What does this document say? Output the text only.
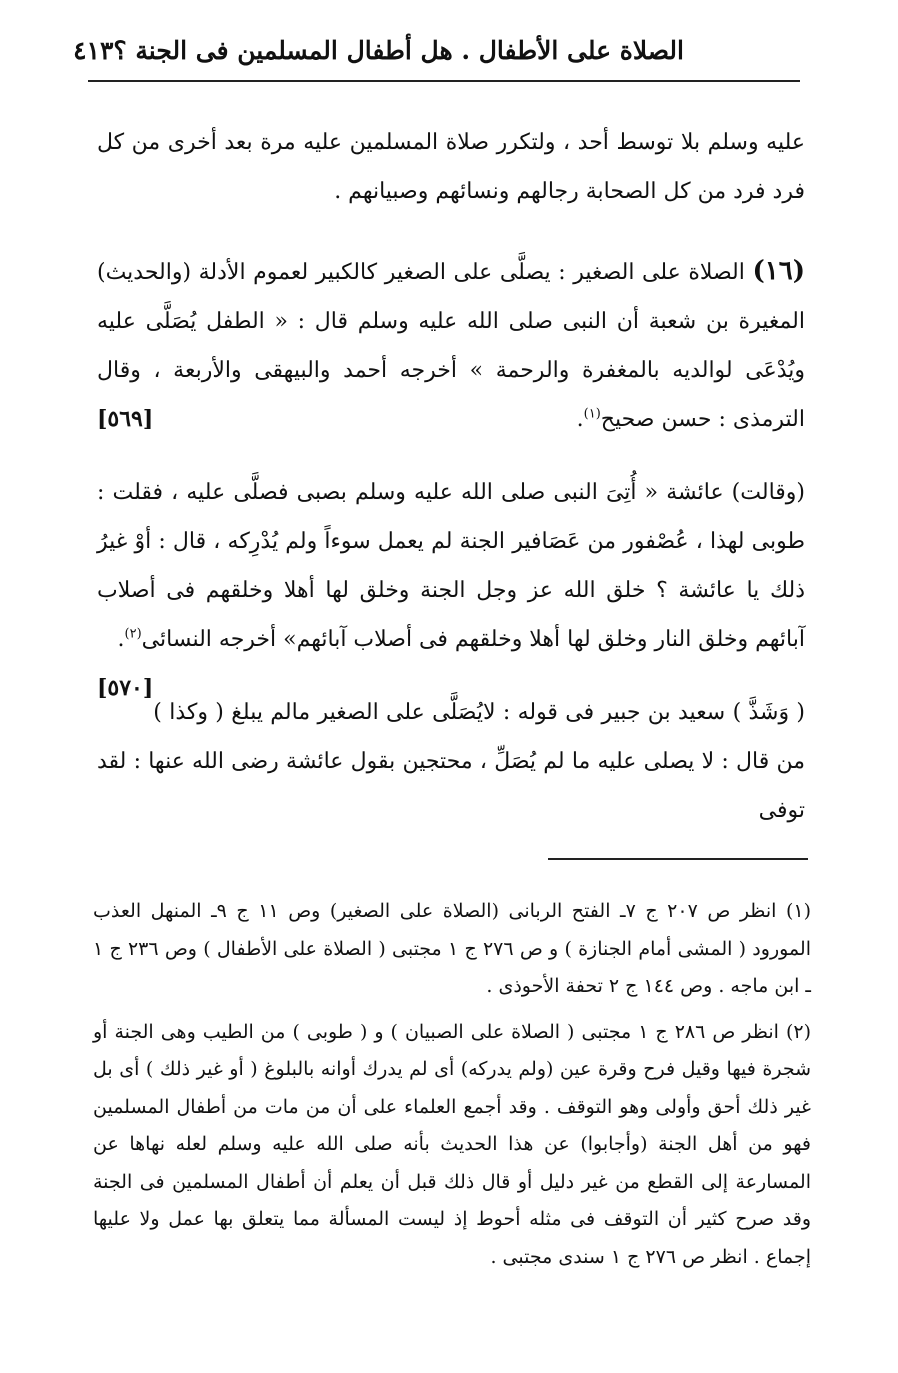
الصلاة على الأطفال . هل أطفال المسلمين فى الجنة ؟
٤١٣

عليه وسلم بلا توسط أحد ، ولتكرر صلاة المسلمين عليه مرة بعد أخرى من كل فرد فرد من كل الصحابة رجالهم ونسائهم وصبيانهم .

(١٦) الصلاة على الصغير : يصلَّى على الصغير كالكبير لعموم الأدلة (والحديث) المغيرة بن شعبة أن النبى صلى الله عليه وسلم قال : « الطفل يُصَلَّى عليه ويُدْعَى لوالديه بالمغفرة والرحمة » أخرجه أحمد والبيهقى والأربعة ، وقال الترمذى : حسن صحيح$^{(١)}$.
[٥٦٩]

(وقالت) عائشة « أُتِىَ النبى صلى الله عليه وسلم بصبى فصلَّى عليه ، فقلت : طوبى لهذا ، عُصْفور من عَصَافير الجنة لم يعمل سوءاً ولم يُدْرِكه ، قال : أوْ غيرُ ذلك يا عائشة ؟ خلق الله عز وجل الجنة وخلق لها أهلا وخلقهم فى أصلاب آبائهم وخلق النار وخلق لها أهلا وخلقهم فى أصلاب آبائهم» أخرجه النسائى$^{(٢)}$.
[٥٧٠]

( وَشَذَّ ) سعيد بن جبير فى قوله : لايُصَلَّى على الصغير مالم يبلغ ( وكذا ) من قال : لا يصلى عليه ما لم يُصَلِّ ، محتجين بقول عائشة رضى الله عنها : لقد توفى

(١) انظر ص ٢٠٧ ج ٧ـ الفتح الربانى (الصلاة على الصغير) وص ١١ ج ٩ـ المنهل العذب المورود ( المشى أمام الجنازة ) و ص ٢٧٦ ج ١ مجتبى ( الصلاة على الأطفال ) وص ٢٣٦ ج ١ ـ ابن ماجه . وص ١٤٤ ج ٢ تحفة الأحوذى .

(٢) انظر ص ٢٨٦ ج ١ مجتبى ( الصلاة على الصبيان ) و ( طوبى ) من الطيب وهى الجنة أو شجرة فيها وقيل فرح وقرة عين (ولم يدركه) أى لم يدرك أوانه بالبلوغ ( أو غير ذلك ) أى بل غير ذلك أحق وأولى وهو التوقف . وقد أجمع العلماء على أن من مات من أطفال المسلمين فهو من أهل الجنة (وأجابوا) عن هذا الحديث بأنه صلى الله عليه وسلم لعله نهاها عن المسارعة إلى القطع من غير دليل أو قال ذلك قبل أن يعلم أن أطفال المسلمين فى الجنة وقد صرح كثير أن التوقف فى مثله أحوط إذ ليست المسألة مما يتعلق بها عمل ولا عليها إجماع . انظر ص ٢٧٦ ج ١ سندى مجتبى .
